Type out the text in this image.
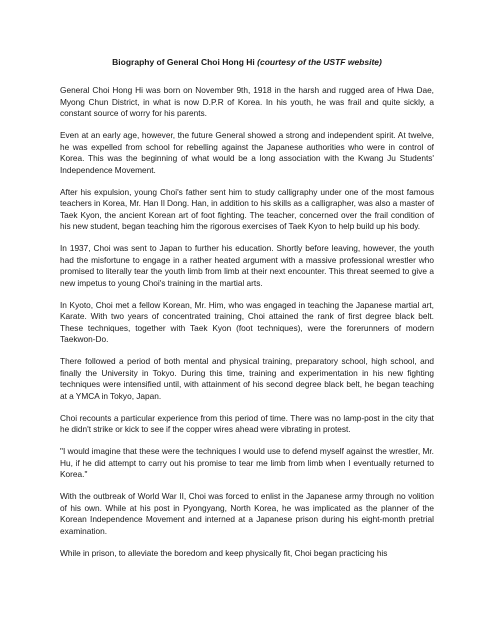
Biography of General Choi Hong Hi (courtesy of the USTF website)

General Choi Hong Hi was born on November 9th, 1918 in the harsh and rugged area of Hwa Dae, Myong Chun District, in what is now D.P.R of Korea. In his youth, he was frail and quite sickly, a constant source of worry for his parents.

Even at an early age, however, the future General showed a strong and independent spirit. At twelve, he was expelled from school for rebelling against the Japanese authorities who were in control of Korea. This was the beginning of what would be a long association with the Kwang Ju Students' Independence Movement.

After his expulsion, young Choi's father sent him to study calligraphy under one of the most famous teachers in Korea, Mr. Han Il Dong. Han, in addition to his skills as a calligrapher, was also a master of Taek Kyon, the ancient Korean art of foot fighting. The teacher, concerned over the frail condition of his new student, began teaching him the rigorous exercises of Taek Kyon to help build up his body.

In 1937, Choi was sent to Japan to further his education. Shortly before leaving, however, the youth had the misfortune to engage in a rather heated argument with a massive professional wrestler who promised to literally tear the youth limb from limb at their next encounter. This threat seemed to give a new impetus to young Choi's training in the martial arts.

In Kyoto, Choi met a fellow Korean, Mr. Him, who was engaged in teaching the Japanese martial art, Karate. With two years of concentrated training, Choi attained the rank of first degree black belt. These techniques, together with Taek Kyon (foot techniques), were the forerunners of modern Taekwon-Do.

There followed a period of both mental and physical training, preparatory school, high school, and finally the University in Tokyo. During this time, training and experimentation in his new fighting techniques were intensified until, with attainment of his second degree black belt, he began teaching at a YMCA in Tokyo, Japan.

Choi recounts a particular experience from this period of time. There was no lamp-post in the city that he didn't strike or kick to see if the copper wires ahead were vibrating in protest.

"I would imagine that these were the techniques I would use to defend myself against the wrestler, Mr. Hu, if he did attempt to carry out his promise to tear me limb from limb when I eventually returned to Korea."

With the outbreak of World War II, Choi was forced to enlist in the Japanese army through no volition of his own. While at his post in Pyongyang, North Korea, he was implicated as the planner of the Korean Independence Movement and interned at a Japanese prison during his eight-month pretrial examination.

While in prison, to alleviate the boredom and keep physically fit, Choi began practicing his
